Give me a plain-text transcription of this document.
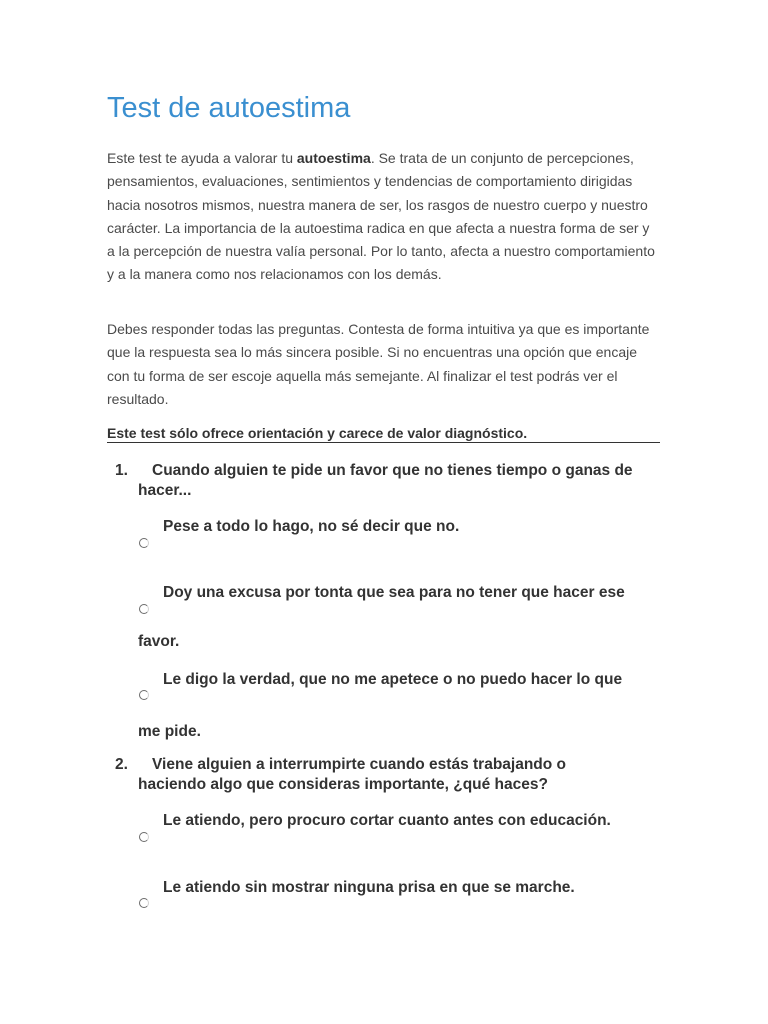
Test de autoestima

Este test te ayuda a valorar tu autoestima. Se trata de un conjunto de percepciones, pensamientos, evaluaciones, sentimientos y tendencias de comportamiento dirigidas hacia nosotros mismos, nuestra manera de ser, los rasgos de nuestro cuerpo y nuestro carácter. La importancia de la autoestima radica en que afecta a nuestra forma de ser y a la percepción de nuestra valía personal. Por lo tanto, afecta a nuestro comportamiento y a la manera como nos relacionamos con los demás.

Debes responder todas las preguntas. Contesta de forma intuitiva ya que es importante que la respuesta sea lo más sincera posible. Si no encuentras una opción que encaje con tu forma de ser escoje aquella más semejante. Al finalizar el test podrás ver el resultado.

Este test sólo ofrece orientación y carece de valor diagnóstico.
1. Cuando alguien te pide un favor que no tienes tiempo o ganas de
hacer...
Pese a todo lo hago, no sé decir que no.
Doy una excusa por tonta que sea para no tener que hacer ese
favor.
Le digo la verdad, que no me apetece o no puedo hacer lo que
me pide.
2. Viene alguien a interrumpirte cuando estás trabajando o
haciendo algo que consideras importante, ¿qué haces?
Le atiendo, pero procuro cortar cuanto antes con educación.
Le atiendo sin mostrar ninguna prisa en que se marche.
